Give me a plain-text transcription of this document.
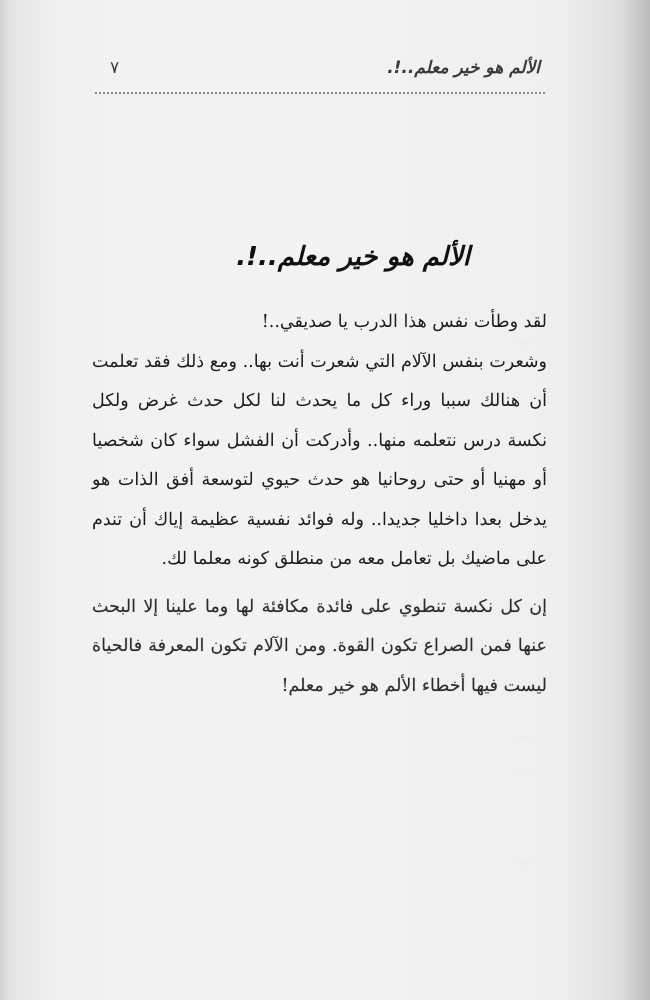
الألم هو خير معلم..!.
٧
...
...
...
...
الألم هو خير معلم..!.

لقد وطأت نفس هذا الدرب يا صديقي..!

وشعرت بنفس الآلام التي شعرت أنت بها.. ومع ذلك فقد تعلمت أن هنالك سببا وراء كل ما يحدث لنا لكل حدث غرض ولكل نكسة درس نتعلمه منها.. وأدركت أن الفشل سواء كان شخصيا أو مهنيا أو حتى روحانيا هو حدث حيوي لتوسعة أفق الذات هو يدخل بعدا داخليا جديدا.. وله فوائد نفسية عظيمة إياك أن تندم على ماضيك بل تعامل معه من منطلق كونه معلما لك.

إن كل نكسة تنطوي على فائدة مكافئة لها وما علينا إلا البحث عنها فمن الصراع تكون القوة. ومن الآلام تكون المعرفة فالحياة ليست فيها أخطاء الألم هو خير معلم!
